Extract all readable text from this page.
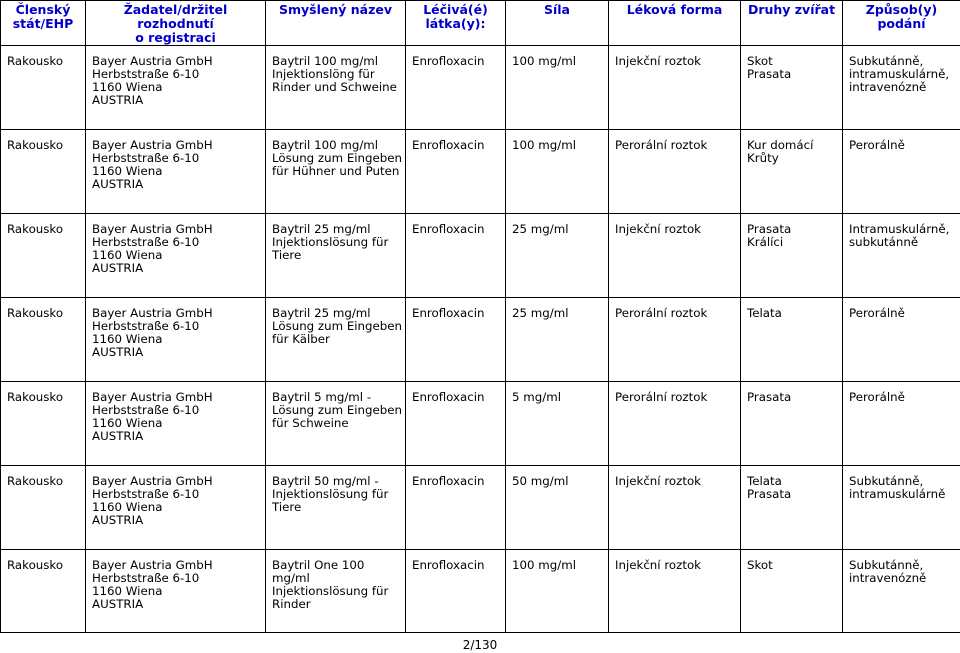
Členský
stát/EHP	Žadatel/držitel rozhodnutí
o registraci	Smyšlený název	Léčivá(é)
látka(y):	Síla	Léková forma	Druhy zvířat	Způsob(y)
podání
Rakousko	Bayer Austria GmbH
Herbststraße 6-10
1160 Wiena
AUSTRIA	Baytril 100 mg/ml
Injektionslöng für
Rinder und Schweine	Enrofloxacin	100 mg/ml	Injekční roztok	Skot
Prasata	Subkutánně,
intramuskulárně,
intravenózně
Rakousko	Bayer Austria GmbH
Herbststraße 6-10
1160 Wiena
AUSTRIA	Baytril 100 mg/ml
Lösung zum Eingeben
für Hühner und Puten	Enrofloxacin	100 mg/ml	Perorální roztok	Kur domácí
Krůty	Perorálně
Rakousko	Bayer Austria GmbH
Herbststraße 6-10
1160 Wiena
AUSTRIA	Baytril 25 mg/ml
Injektionslösung für
Tiere	Enrofloxacin	25 mg/ml	Injekční roztok	Prasata
Králíci	Intramuskulárně,
subkutánně
Rakousko	Bayer Austria GmbH
Herbststraße 6-10
1160 Wiena
AUSTRIA	Baytril 25 mg/ml
Lösung zum Eingeben
für Kälber	Enrofloxacin	25 mg/ml	Perorální roztok	Telata	Perorálně
Rakousko	Bayer Austria GmbH
Herbststraße 6-10
1160 Wiena
AUSTRIA	Baytril 5 mg/ml -
Lösung zum Eingeben
für Schweine	Enrofloxacin	5 mg/ml	Perorální roztok	Prasata	Perorálně
Rakousko	Bayer Austria GmbH
Herbststraße 6-10
1160 Wiena
AUSTRIA	Baytril 50 mg/ml -
Injektionslösung für
Tiere	Enrofloxacin	50 mg/ml	Injekční roztok	Telata
Prasata	Subkutánně,
intramuskulárně
Rakousko	Bayer Austria GmbH
Herbststraße 6-10
1160 Wiena
AUSTRIA	Baytril One 100 mg/ml
Injektionslösung für
Rinder	Enrofloxacin	100 mg/ml	Injekční roztok	Skot	Subkutánně,
intravenózně
2/130
